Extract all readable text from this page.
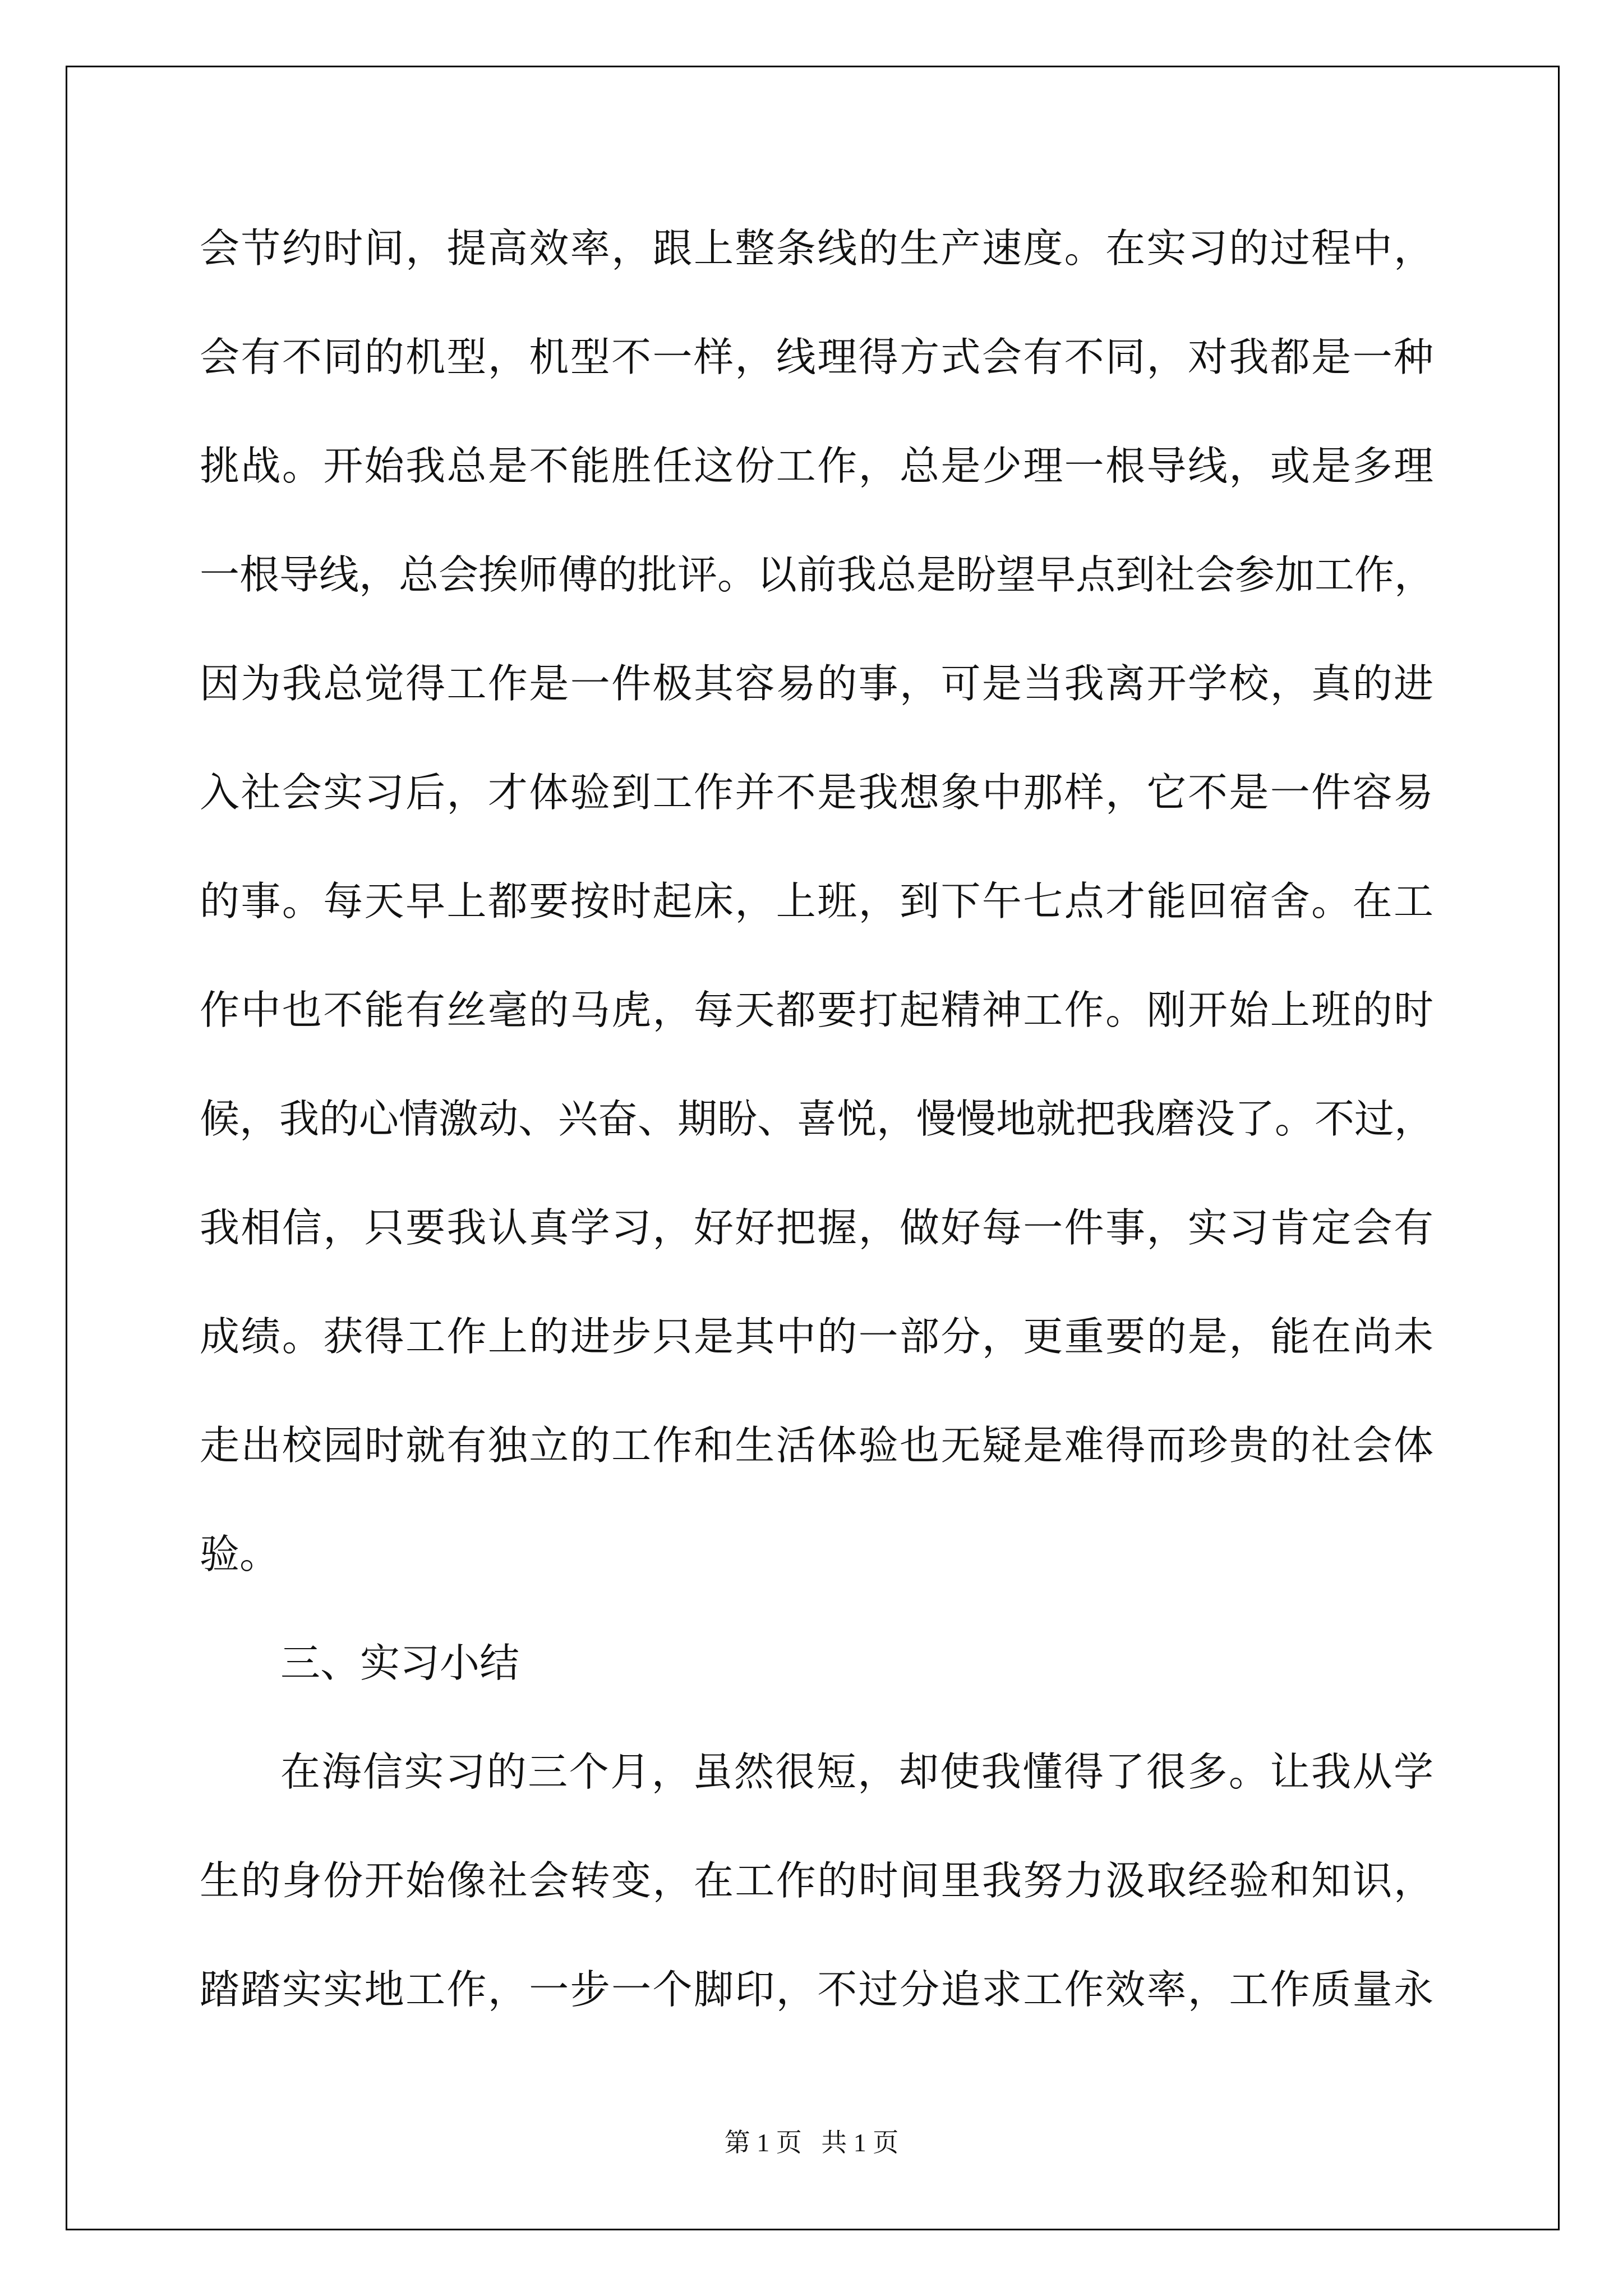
会节约时间，提高效率，跟上整条线的生产速度。在实习的过程中，
会有不同的机型，机型不一样，线理得方式会有不同，对我都是一种
挑战。开始我总是不能胜任这份工作，总是少理一根导线，或是多理
一根导线，总会挨师傅的批评。以前我总是盼望早点到社会参加工作，
因为我总觉得工作是一件极其容易的事，可是当我离开学校，真的进
入社会实习后，才体验到工作并不是我想象中那样，它不是一件容易
的事。每天早上都要按时起床，上班，到下午七点才能回宿舍。在工
作中也不能有丝毫的马虎，每天都要打起精神工作。刚开始上班的时
候，我的心情激动、兴奋、期盼、喜悦，慢慢地就把我磨没了。不过，
我相信，只要我认真学习，好好把握，做好每一件事，实习肯定会有
成绩。获得工作上的进步只是其中的一部分，更重要的是，能在尚未
走出校园时就有独立的工作和生活体验也无疑是难得而珍贵的社会体
验。
三、实习小结
在海信实习的三个月，虽然很短，却使我懂得了很多。让我从学
生的身份开始像社会转变，在工作的时间里我努力汲取经验和知识，
踏踏实实地工作，一步一个脚印，不过分追求工作效率，工作质量永
第 1 页   共 1 页
